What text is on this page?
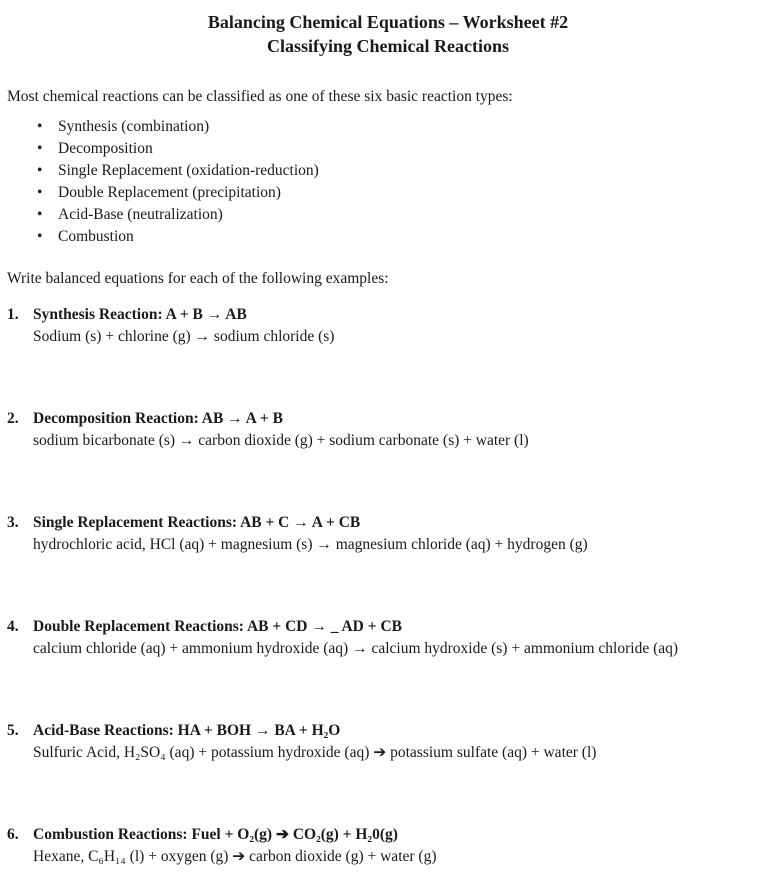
Balancing Chemical Equations – Worksheet #2
Classifying Chemical Reactions

Most chemical reactions can be classified as one of these six basic reaction types:

•	Synthesis (combination)
•	Decomposition
•	Single Replacement (oxidation-reduction)
•	Double Replacement (precipitation)
•	Acid-Base (neutralization)
•	Combustion

Write balanced equations for each of the following examples:

1. Synthesis Reaction: A + B → AB
Sodium (s) + chlorine (g) → sodium chloride (s)
2. Decomposition Reaction: AB → A + B
sodium bicarbonate (s) → carbon dioxide (g) + sodium carbonate (s) + water (l)
3. Single Replacement Reactions: AB + C → A + CB
hydrochloric acid, HCl (aq) + magnesium (s) → magnesium chloride (aq) + hydrogen (g)
4. Double Replacement Reactions: AB + CD → _ AD + CB
calcium chloride (aq) + ammonium hydroxide (aq) → calcium hydroxide (s) + ammonium chloride (aq)
5. Acid-Base Reactions: HA + BOH → BA + H₂O
Sulfuric Acid, H₂SO₄ (aq) + potassium hydroxide (aq) ➔ potassium sulfate (aq) + water (l)
6. Combustion Reactions: Fuel + O₂(g) ➔ CO₂(g) + H₂0(g)
Hexane, C₆H₁₄ (l) + oxygen (g) ➔ carbon dioxide (g) + water (g)
